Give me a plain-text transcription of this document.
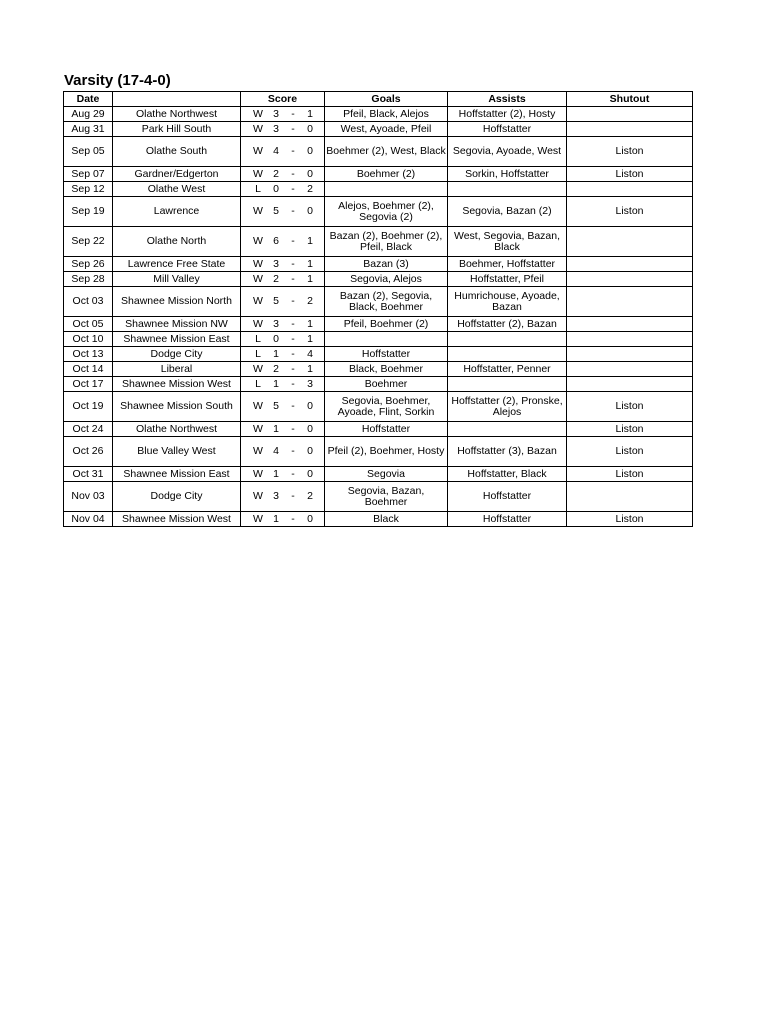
Varsity (17-4-0)
Date		Score	Goals	Assists	Shutout
Aug 29	Olathe Northwest	W 3 - 1	Pfeil, Black, Alejos	Hoffstatter (2), Hosty	
Aug 31	Park Hill South	W 3 - 0	West, Ayoade, Pfeil	Hoffstatter	
Sep 05	Olathe South	W 4 - 0	Boehmer (2), West, Black	Segovia, Ayoade, West	Liston
Sep 07	Gardner/Edgerton	W 2 - 0	Boehmer (2)	Sorkin, Hoffstatter	Liston
Sep 12	Olathe West	L 0 - 2			

Sep 19	Lawrence	W 5 - 0	Alejos, Boehmer (2), Segovia (2)	Segovia, Bazan (2)	Liston
Sep 22	Olathe North	W 6 - 1	Bazan (2), Boehmer (2), Pfeil, Black	West, Segovia, Bazan, Black	
Sep 26	Lawrence Free State	W 3 - 1	Bazan (3)	Boehmer, Hoffstatter	
Sep 28	Mill Valley	W 2 - 1	Segovia, Alejos	Hoffstatter, Pfeil	
Oct 03	Shawnee Mission North	W 5 - 2	Bazan (2), Segovia, Black, Boehmer	Humrichouse, Ayoade, Bazan	
Oct 05	Shawnee Mission NW	W 3 - 1	Pfeil, Boehmer (2)	Hoffstatter (2), Bazan	
Oct 10	Shawnee Mission East	L 0 - 1			

Oct 13	Dodge City	L 1 - 4	Hoffstatter		
Oct 14	Liberal	W 2 - 1	Black, Boehmer	Hoffstatter, Penner	
Oct 17	Shawnee Mission West	L 1 - 3	Boehmer		
Oct 19	Shawnee Mission South	W 5 - 0	Segovia, Boehmer, Ayoade, Flint, Sorkin	Hoffstatter (2), Pronske, Alejos	Liston
Oct 24	Olathe Northwest	W 1 - 0	Hoffstatter		Liston
Oct 26	Blue Valley West	W 4 - 0	Pfeil (2), Boehmer, Hosty	Hoffstatter (3), Bazan	Liston
Oct 31	Shawnee Mission East	W 1 - 0	Segovia	Hoffstatter, Black	Liston
Nov 03	Dodge City	W 3 - 2	Segovia, Bazan, Boehmer	Hoffstatter	
Nov 04	Shawnee Mission West	W 1 - 0	Black	Hoffstatter	Liston
